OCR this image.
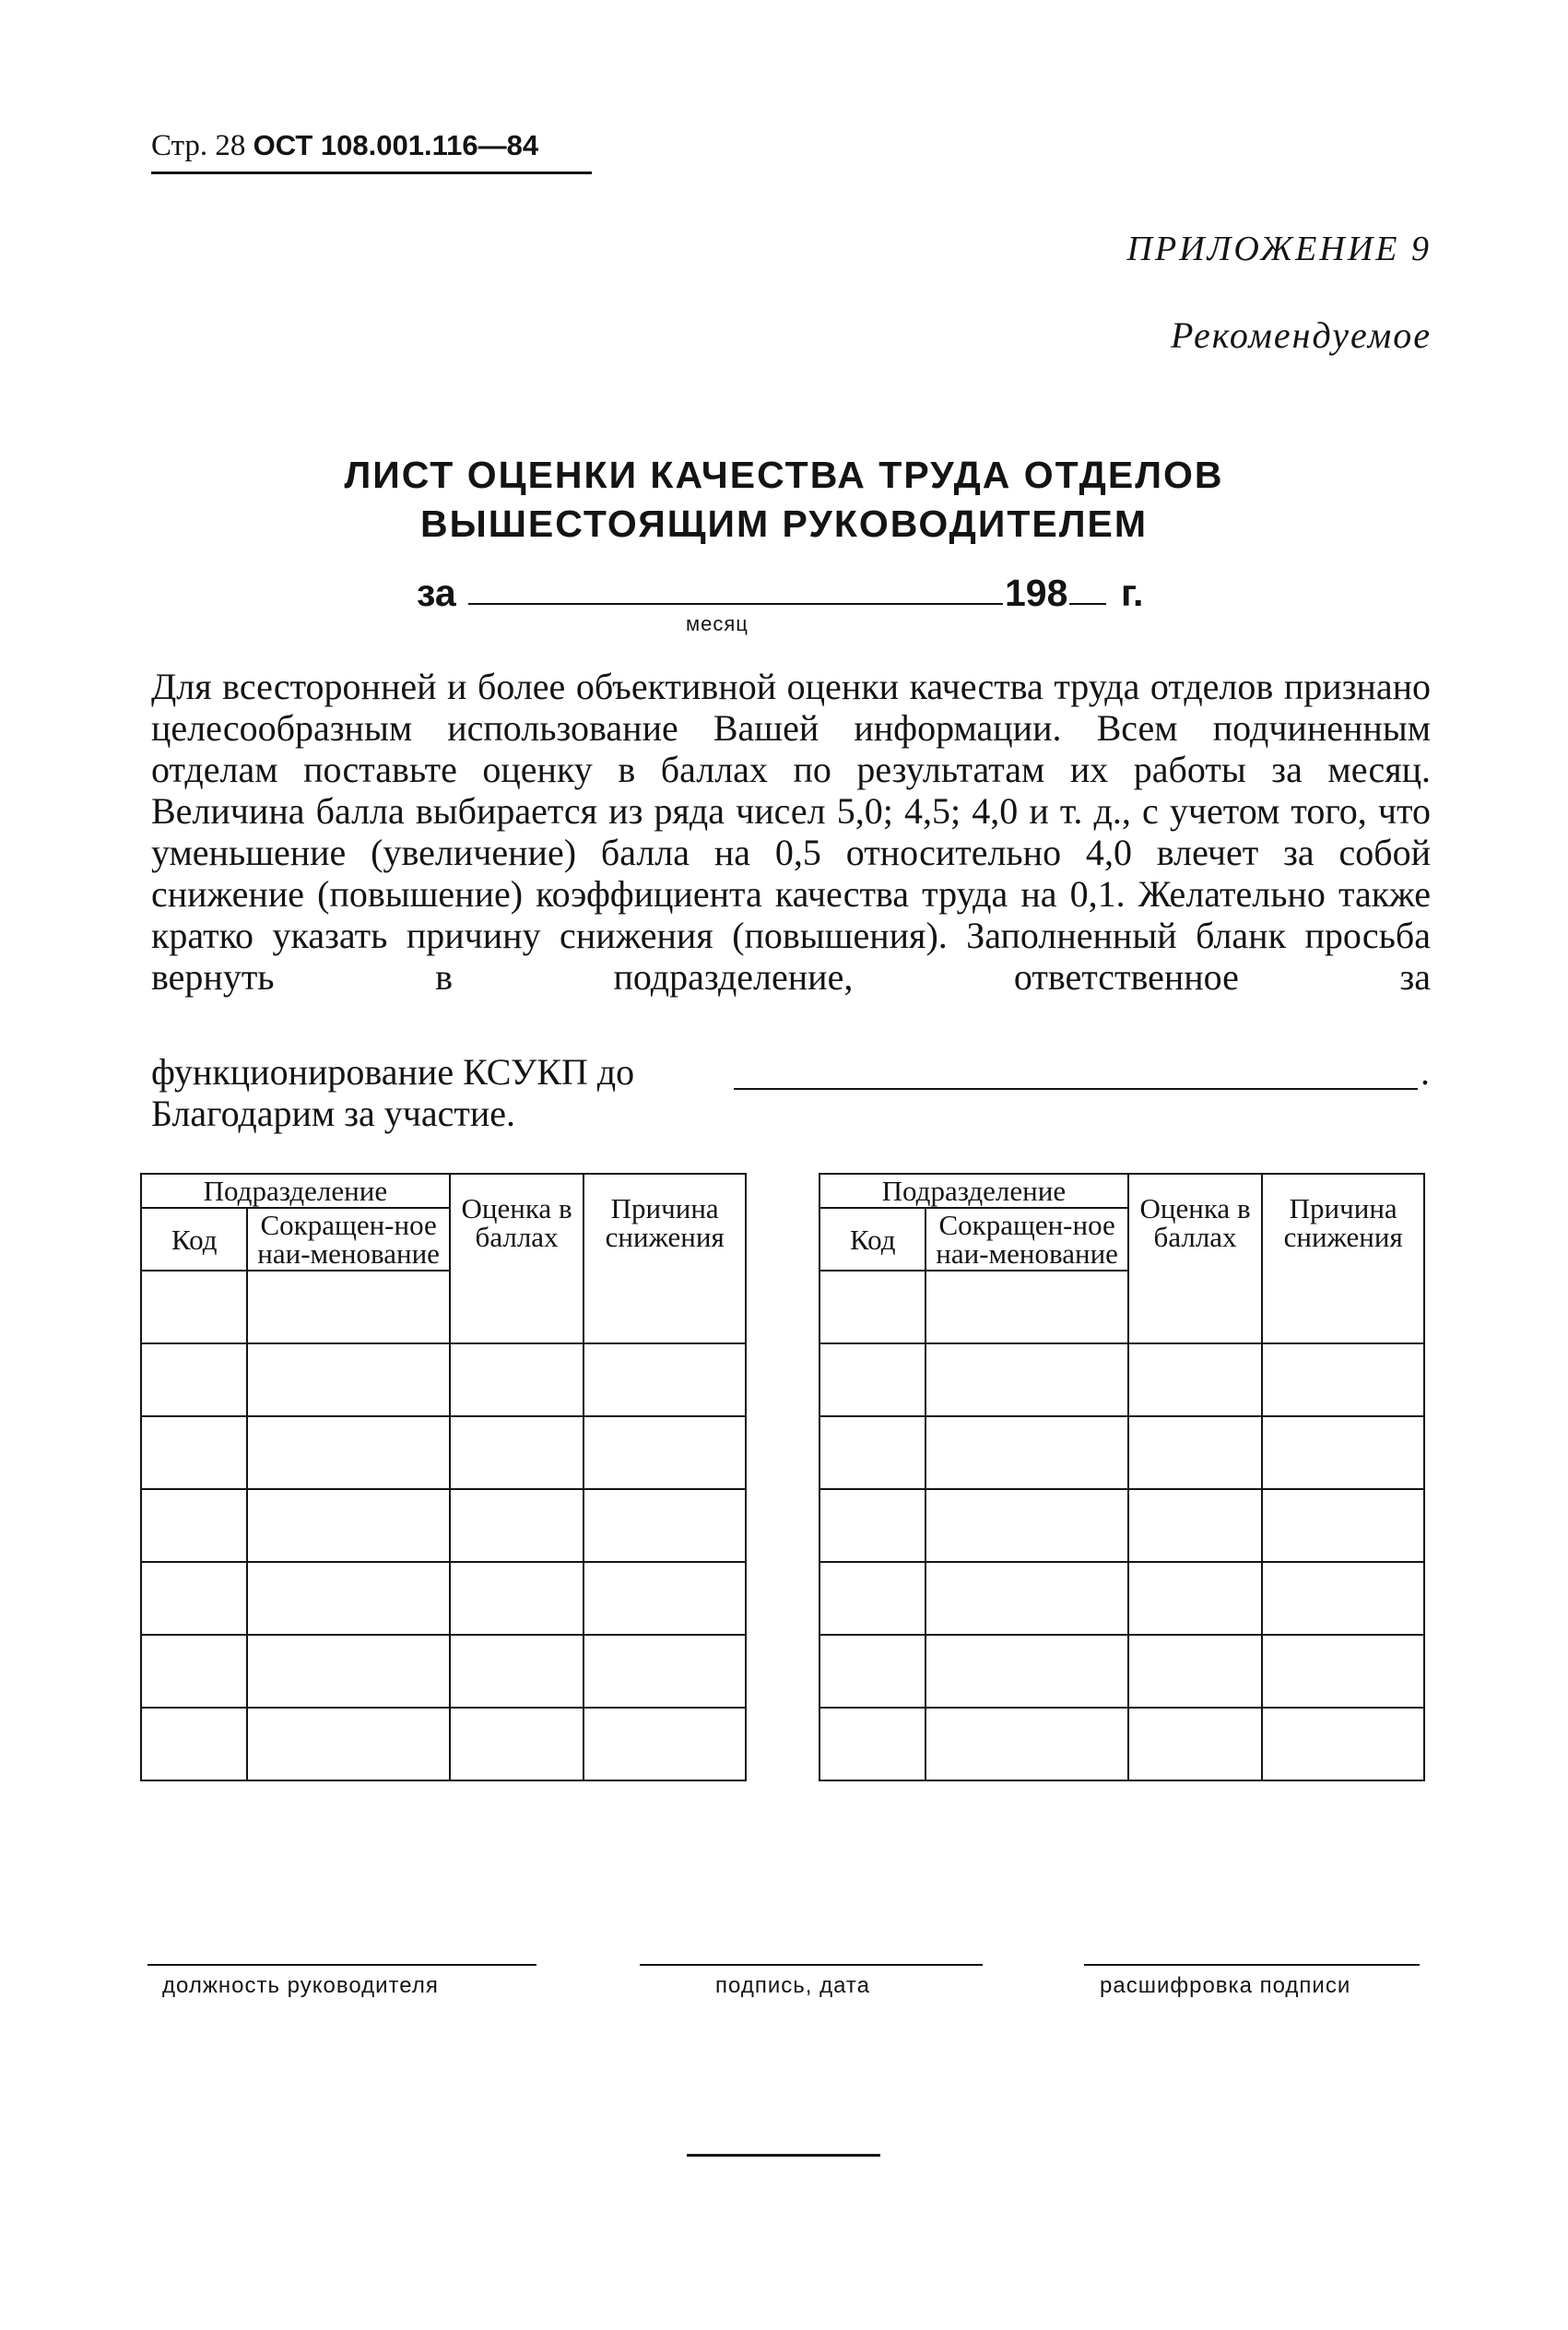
Стр. 28 ОСТ 108.001.116—84
ПРИЛОЖЕНИЕ 9
Рекомендуемое
ЛИСТ ОЦЕНКИ КАЧЕСТВА ТРУДА ОТДЕЛОВ
ВЫШЕСТОЯЩИМ РУКОВОДИТЕЛЕМ
за	198 г.
месяц
Для всесторонней и более объективной оценки качества труда отделов признано целесообразным использование Вашей информации. Всем подчиненным отделам поставьте оценку в баллах по результатам их работы за месяц. Величина балла выбирается из ряда чисел 5,0; 4,5; 4,0 и т. д., с учетом того, что уменьшение (увеличение) балла на 0,5 относительно 4,0 влечет за собой снижение (повышение) коэффициента качества труда на 0,1. Желательно также кратко указать причину снижения (повышения). Заполненный бланк просьба вернуть в подразделение, ответственное за
функционирование КСУКП до	.
Благодарим за участие.
Подразделение		Оценка в баллах	Причина снижения
Код	Сокращен-ное наи-менование		

Подразделение		Оценка в баллах	Причина снижения
Код	Сокращен-ное наи-менование		

должность руководителя	подпись, дата	расшифровка подписи
